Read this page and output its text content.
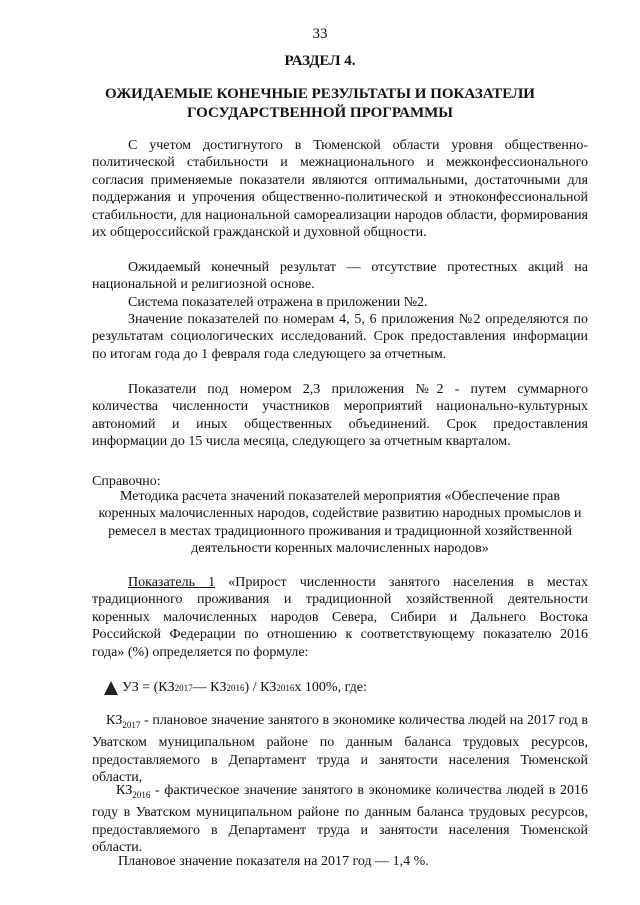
33
РАЗДЕЛ 4.
ОЖИДАЕМЫЕ КОНЕЧНЫЕ РЕЗУЛЬТАТЫ И ПОКАЗАТЕЛИ ГОСУДАРСТВЕННОЙ ПРОГРАММЫ
С учетом достигнутого в Тюменской области уровня общественно-политической стабильности и межнационального и межконфессионального согласия применяемые показатели являются оптимальными, достаточными для поддержания и упрочения общественно-политической и этноконфессиональной стабильности, для национальной самореализации народов области, формирования их общероссийской гражданской и духовной общности.
Ожидаемый конечный результат — отсутствие протестных акций на национальной и религиозной основе.
Система показателей отражена в приложении №2.
Значение показателей по номерам 4, 5, 6 приложения №2 определяются по результатам социологических исследований. Срок предоставления информации по итогам года до 1 февраля года следующего за отчетным.
Показатели под номером 2,3 приложения №2 - путем суммарного количества численности участников мероприятий национально-культурных автономий и иных общественных объединений. Срок предоставления информации до 15 числа месяца, следующего за отчетным кварталом.
Справочно:
Методика расчета значений показателей мероприятия «Обеспечение прав коренных малочисленных народов, содействие развитию народных промыслов и ремесел в местах традиционного проживания и традиционной хозяйственной деятельности коренных малочисленных народов»
Показатель 1 «Прирост численности занятого населения в местах традиционного проживания и традиционной хозяйственной деятельности коренных малочисленных народов Севера, Сибири и Дальнего Востока Российской Федерации по отношению к соответствующему показателю 2016 года» (%) определяется по формуле:
УЗ = (КЗ 2017 — КЗ 2016 ) / КЗ 2016 х 100%, где:
$КЗ_{2017}$ - плановое значение занятого в экономике количества людей на 2017 год в Уватском муниципальном районе по данным баланса трудовых ресурсов, предоставляемого в Департамент труда и занятости населения Тюменской области,
$КЗ_{2016}$ - фактическое значение занятого в экономике количества людей в 2016 году в Уватском муниципальном районе по данным баланса трудовых ресурсов, предоставляемого в Департамент труда и занятости населения Тюменской области.
Плановое значение показателя на 2017 год — 1,4 %.
